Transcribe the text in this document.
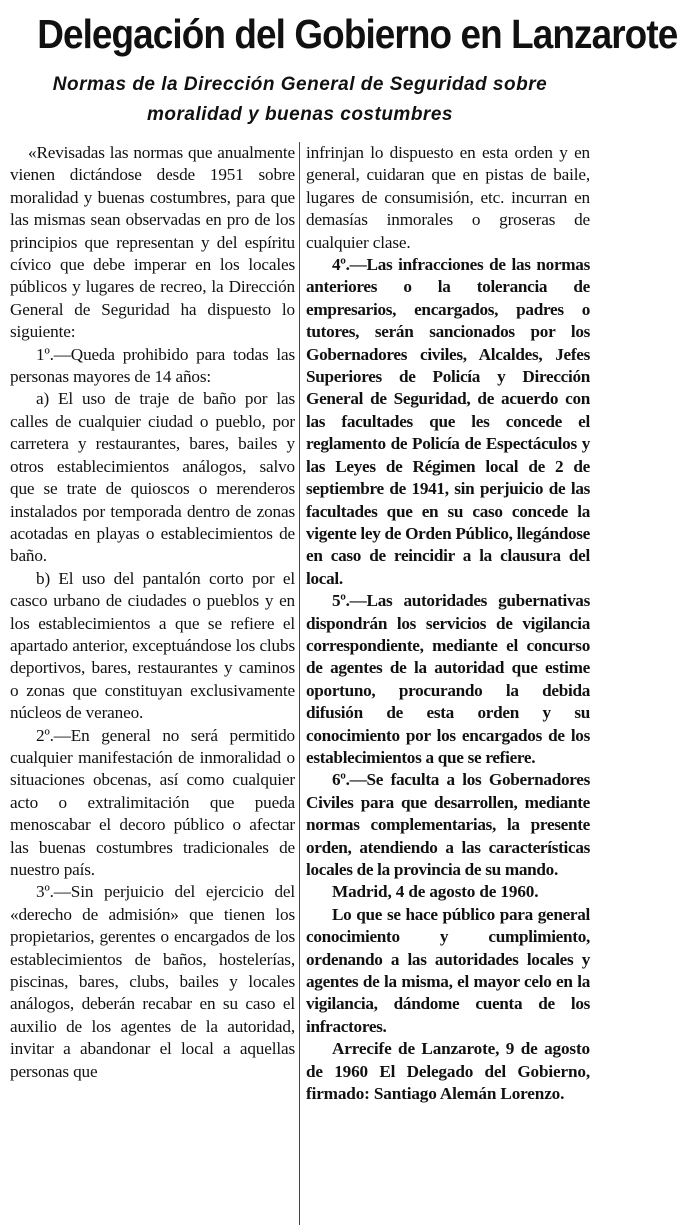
Delegación del Gobierno en Lanzarote
Normas de la Dirección General de Seguridad sobre
moralidad y buenas costumbres

«Revisadas las normas que anualmente vienen dictándose desde 1951 sobre moralidad y buenas costumbres, para que las mismas sean observadas en pro de los principios que representan y del espíritu cívico que debe imperar en los locales públicos y lugares de recreo, la Dirección General de Seguridad ha dispuesto lo siguiente:

1º.—Queda prohibido para todas las personas mayores de 14 años:

a) El uso de traje de baño por las calles de cualquier ciudad o pueblo, por carretera y restaurantes, bares, bailes y otros establecimientos análogos, salvo que se trate de quioscos o merenderos instalados por temporada dentro de zonas acotadas en playas o establecimientos de baño.

b) El uso del pantalón corto por el casco urbano de ciudades o pueblos y en los establecimientos a que se refiere el apartado anterior, exceptuándose los clubs deportivos, bares, restaurantes y caminos o zonas que constituyan exclusivamente núcleos de veraneo.

2º.—En general no será permitido cualquier manifestación de inmoralidad o situaciones obcenas, así como cualquier acto o extralimitación que pueda menoscabar el decoro público o afectar las buenas costumbres tradicionales de nuestro país.

3º.—Sin perjuicio del ejercicio del «derecho de admisión» que tienen los propietarios, gerentes o encargados de los establecimientos de baños, hostelerías, piscinas, bares, clubs, bailes y locales análogos, deberán recabar en su caso el auxilio de los agentes de la autoridad, invitar a abandonar el local a aquellas personas que

infrinjan lo dispuesto en esta orden y en general, cuidaran que en pistas de baile, lugares de consumisión, etc. incurran en demasías inmorales o groseras de cualquier clase.

4º.—Las infracciones de las normas anteriores o la tolerancia de empresarios, encargados, padres o tutores, serán sancionados por los Gobernadores civiles, Alcaldes, Jefes Superiores de Policía y Dirección General de Seguridad, de acuerdo con las facultades que les concede el reglamento de Policía de Espectáculos y las Leyes de Régimen local de 2 de septiembre de 1941, sin perjuicio de las facultades que en su caso concede la vigente ley de Orden Público, llegándose en caso de reincidir a la clausura del local.

5º.—Las autoridades gubernativas dispondrán los servicios de vigilancia correspondiente, mediante el concurso de agentes de la autoridad que estime oportuno, procurando la debida difusión de esta orden y su conocimiento por los encargados de los establecimientos a que se refiere.

6º.—Se faculta a los Gobernadores Civiles para que desarrollen, mediante normas complementarias, la presente orden, atendiendo a las características locales de la provincia de su mando.

Madrid, 4 de agosto de 1960.

Lo que se hace público para general conocimiento y cumplimiento, ordenando a las autoridades locales y agentes de la misma, el mayor celo en la vigilancia, dándome cuenta de los infractores.

Arrecife de Lanzarote, 9 de agosto de 1960 El Delegado del Gobierno, firmado: Santiago Alemán Lorenzo.
